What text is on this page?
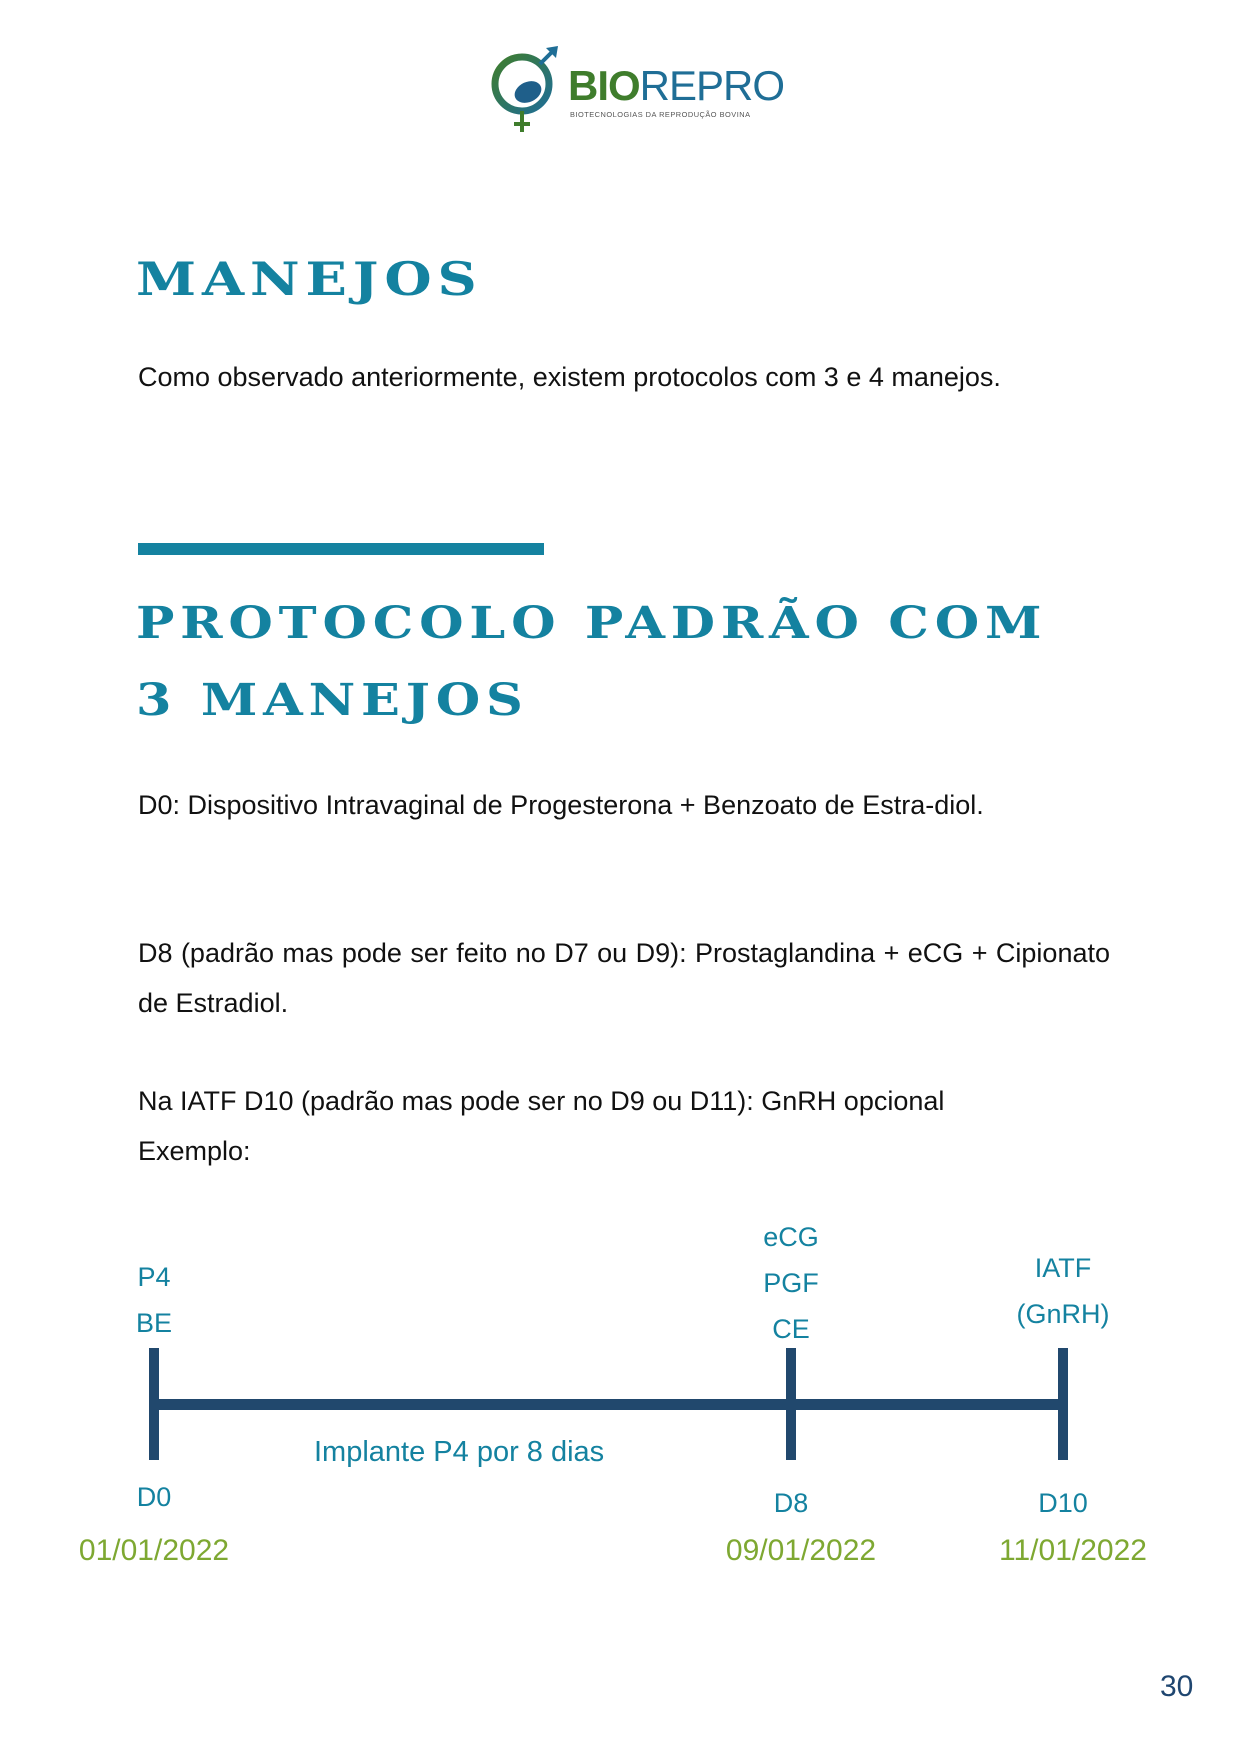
BIOREPRO
BIOTECNOLOGIAS DA REPRODUÇÃO BOVINA
MANEJOS
Como observado anteriormente, existem protocolos com 3 e 4 manejos.
PROTOCOLO PADRÃO COM
3 MANEJOS
D0: Dispositivo Intravaginal de Progesterona + Benzoato de Estra-diol.
D8 (padrão mas pode ser feito no D7 ou D9): Prostaglandina + eCG + Cipionato de Estradiol.
Na IATF D10 (padrão mas pode ser no D9 ou D11): GnRH opcional
Exemplo:
P4
BE
eCG
PGF
CE
IATF
(GnRH)
Implante P4 por 8 dias
D0	D8	D10
01/01/2022	09/01/2022	11/01/2022
30
